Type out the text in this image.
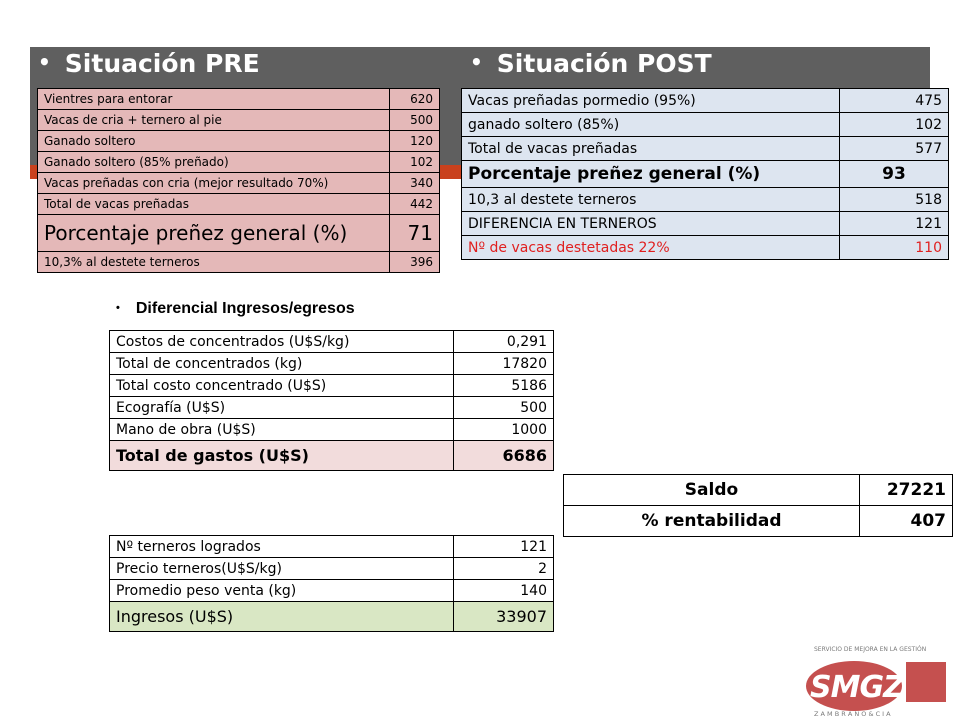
• Situación PRE	• Situación POST
Vientres para entorar	620
Vacas de cria + ternero al pie	500
Ganado soltero	120
Ganado soltero (85% preñado)	102
Vacas preñadas con cria (mejor resultado 70%)	340
Total de vacas preñadas	442
Porcentaje preñez general (%)	71
10,3% al destete terneros	396
Vacas preñadas pormedio (95%)	475
ganado soltero (85%)	102
Total de vacas preñadas	577
Porcentaje preñez general (%)	93
10,3 al destete terneros	518
DIFERENCIA EN TERNEROS	121
Nº de vacas destetadas 22%	110
• Diferencial Ingresos/egresos
Costos de concentrados (U$S/kg)	0,291
Total de concentrados (kg)	17820
Total costo concentrado (U$S)	5186
Ecografía (U$S)	500
Mano de obra (U$S)	1000
Total de gastos (U$S)	6686
Saldo	27221
% rentabilidad	407
Nº terneros logrados	121
Precio terneros(U$S/kg)	2
Promedio peso venta (kg)	140
Ingresos (U$S)	33907
SERVICIO DE MEJORA EN LA GESTIÓN
SMGZ
Z A M B R A N O & C I A
